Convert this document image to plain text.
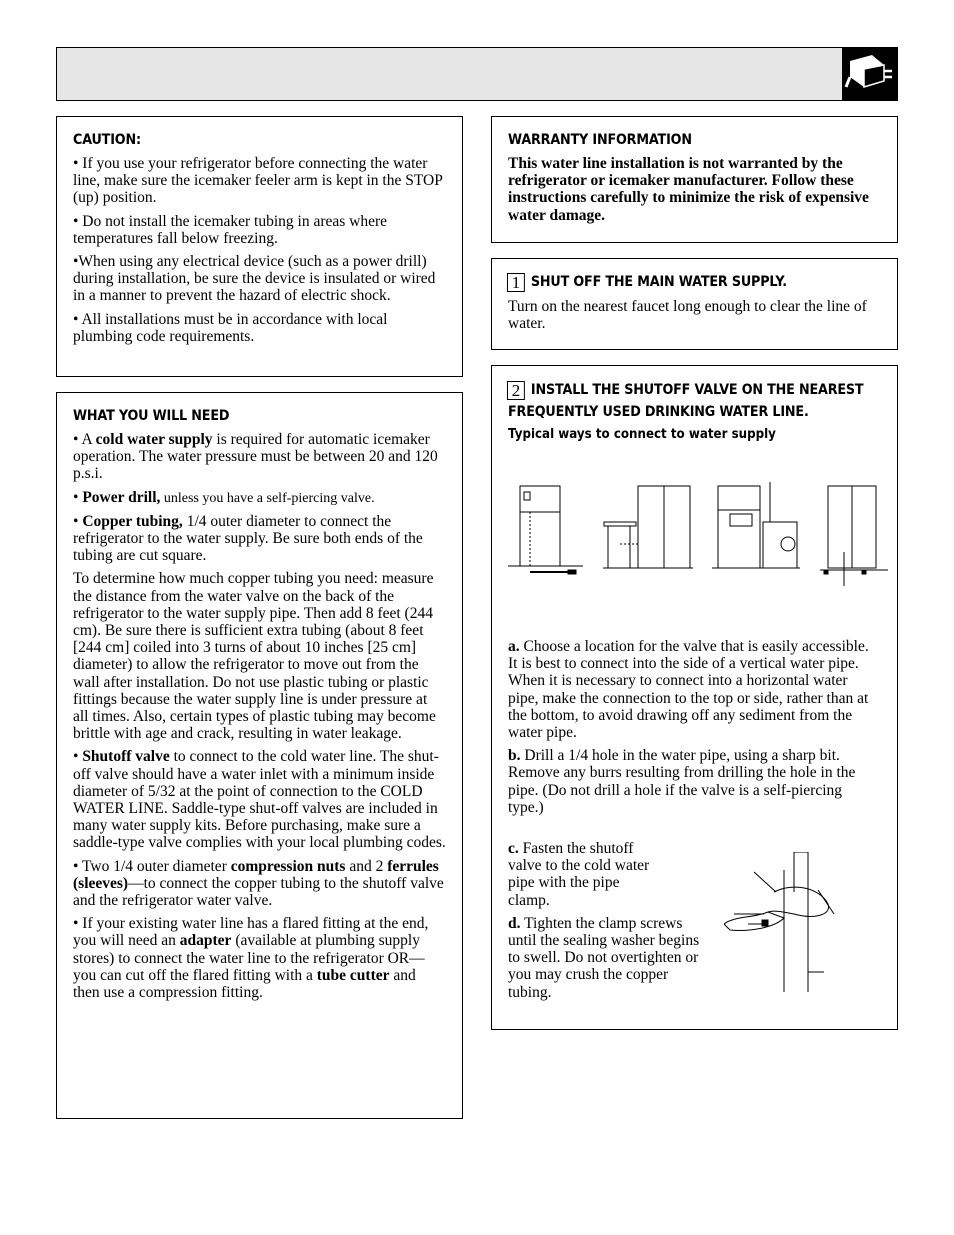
CAUTION:

• If you use your refrigerator before connecting the water line, make sure the icemaker feeler arm is kept in the STOP (up) position.

• Do not install the icemaker tubing in areas where temperatures fall below freezing.

•When using any electrical device (such as a power drill) during installation, be sure the device is insulated or wired in a manner to prevent the hazard of electric shock.

• All installations must be in accordance with local plumbing code requirements.

WHAT YOU WILL NEED

• A cold water supply is required for automatic icemaker operation. The water pressure must be between 20 and 120 p.s.i.

• Power drill, unless you have a self-piercing valve.

• Copper tubing, 1/4 outer diameter to connect the refrigerator to the water supply. Be sure both ends of the tubing are cut square.

To determine how much copper tubing you need: measure the distance from the water valve on the back of the refrigerator to the water supply pipe. Then add 8 feet (244 cm). Be sure there is sufficient extra tubing (about 8 feet [244 cm] coiled into 3 turns of about 10 inches [25 cm] diameter) to allow the refrigerator to move out from the wall after installation. Do not use plastic tubing or plastic fittings because the water supply line is under pressure at all times. Also, certain types of plastic tubing may become brittle with age and crack, resulting in water leakage.

• Shutoff valve to connect to the cold water line. The shut-off valve should have a water inlet with a minimum inside diameter of 5/32 at the point of connection to the COLD WATER LINE. Saddle-type shut-off valves are included in many water supply kits. Before purchasing, make sure a saddle-type valve complies with your local plumbing codes.

• Two 1/4 outer diameter compression nuts and 2 ferrules (sleeves)—to connect the copper tubing to the shutoff valve and the refrigerator water valve.

• If your existing water line has a flared fitting at the end, you will need an adapter (available at plumbing supply stores) to connect the water line to the refrigerator OR—you can cut off the flared fitting with a tube cutter and then use a compression fitting.

WARRANTY INFORMATION

This water line installation is not warranted by the refrigerator or icemaker manufacturer. Follow these instructions carefully to minimize the risk of expensive water damage.

1 SHUT OFF THE MAIN WATER SUPPLY.

Turn on the nearest faucet long enough to clear the line of water.

2 INSTALL THE SHUTOFF VALVE ON THE NEAREST FREQUENTLY USED DRINKING WATER LINE.
Typical ways to connect to water supply

a. Choose a location for the valve that is easily accessible. It is best to connect into the side of a vertical water pipe. When it is necessary to connect into a horizontal water pipe, make the connection to the top or side, rather than at the bottom, to avoid drawing off any sediment from the water pipe.

b. Drill a 1/4 hole in the water pipe, using a sharp bit. Remove any burrs resulting from drilling the hole in the pipe. (Do not drill a hole if the valve is a self-piercing type.)

c. Fasten the shutoff valve to the cold water pipe with the pipe clamp.

d. Tighten the clamp screws until the sealing washer begins to swell. Do not overtighten or you may crush the copper tubing.
